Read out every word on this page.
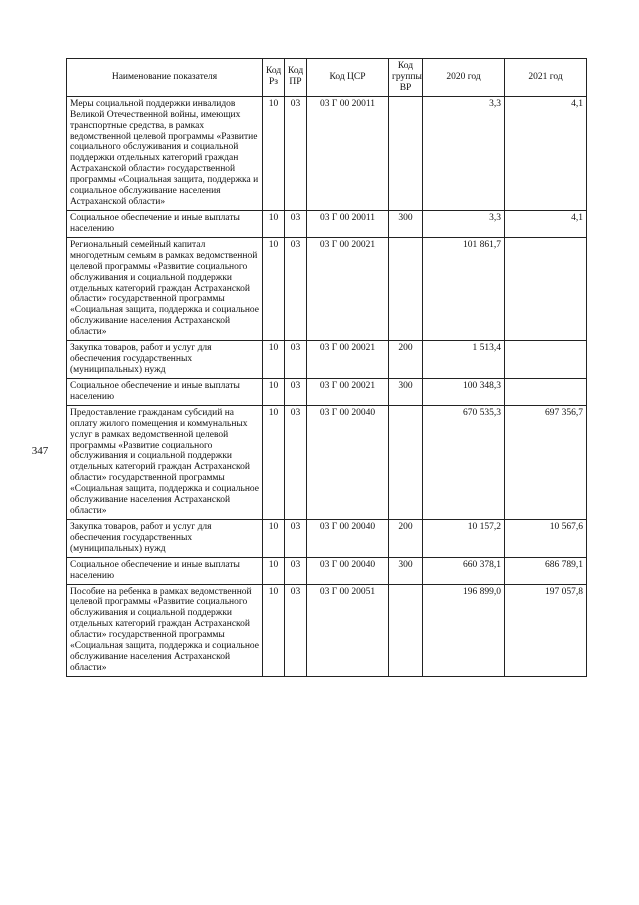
347
Наименование показателя	Код Рз	Код ПР	Код ЦСР	Код группы ВР	2020 год	2021 год
Меры социальной поддержки инвалидов Великой Отечественной войны, имеющих транспортные средства, в рамках ведомственной целевой программы «Развитие социального обслуживания и социальной поддержки отдельных категорий граждан Астраханской области» государственной программы «Социальная защита, поддержка и социальное обслуживание населения Астраханской области»	10	03	03 Г 00 20011		3,3	4,1
Социальное обеспечение и иные выплаты населению	10	03	03 Г 00 20011	300	3,3	4,1
Региональный семейный капитал многодетным семьям в рамках ведомственной целевой программы «Развитие социального обслуживания и социальной поддержки отдельных категорий граждан Астраханской области» государственной программы «Социальная защита, поддержка и социальное обслуживание населения Астраханской области»	10	03	03 Г 00 20021		101 861,7	
Закупка товаров, работ и услуг для обеспечения государственных (муниципальных) нужд	10	03	03 Г 00 20021	200	1 513,4	
Социальное обеспечение и иные выплаты населению	10	03	03 Г 00 20021	300	100 348,3	
Предоставление гражданам субсидий на оплату жилого помещения и коммунальных услуг в рамках ведомственной целевой программы «Развитие социального обслуживания и социальной поддержки отдельных категорий граждан Астраханской области» государственной программы «Социальная защита, поддержка и социальное обслуживание населения Астраханской области»	10	03	03 Г 00 20040		670 535,3	697 356,7
Закупка товаров, работ и услуг для обеспечения государственных (муниципальных) нужд	10	03	03 Г 00 20040	200	10 157,2	10 567,6
Социальное обеспечение и иные выплаты населению	10	03	03 Г 00 20040	300	660 378,1	686 789,1
Пособие на ребенка в рамках ведомственной целевой программы «Развитие социального обслуживания и социальной поддержки отдельных категорий граждан Астраханской области» государственной программы «Социальная защита, поддержка и социальное обслуживание населения Астраханской области»	10	03	03 Г 00 20051		196 899,0	197 057,8
